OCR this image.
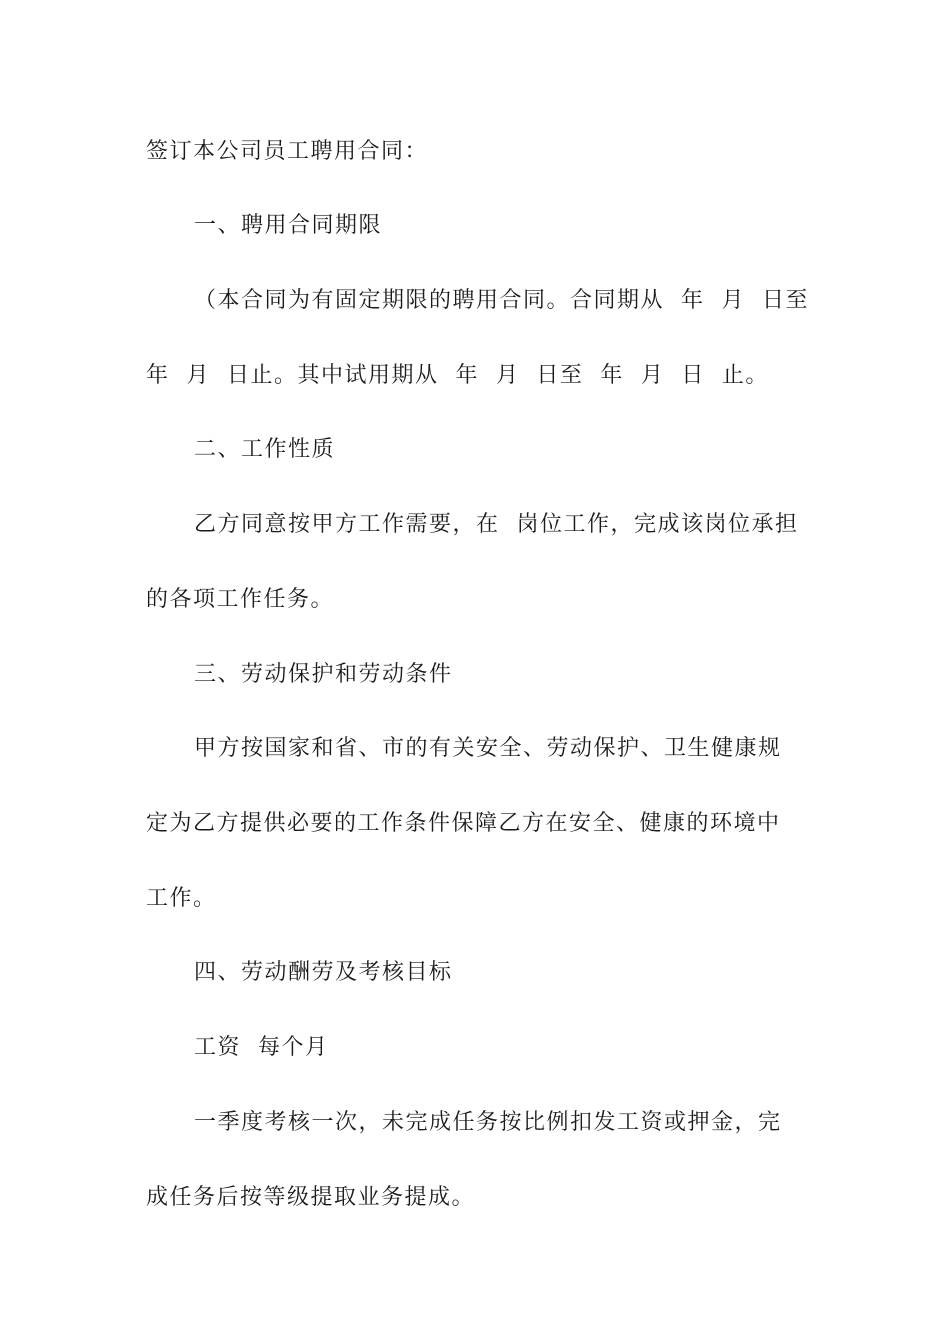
签订本公司员工聘用合同：
一、聘用合同期限
（本合同为有固定期限的聘用合同。合同期从  年  月  日至
年  月  日止。其中试用期从  年  月  日至  年  月  日  止。
二、工作性质
乙方同意按甲方工作需要，在  岗位工作，完成该岗位承担
的各项工作任务。
三、劳动保护和劳动条件
甲方按国家和省、市的有关安全、劳动保护、卫生健康规
定为乙方提供必要的工作条件保障乙方在安全、健康的环境中
工作。
四、劳动酬劳及考核目标
工资  每个月
一季度考核一次，未完成任务按比例扣发工资或押金，完
成任务后按等级提取业务提成。
